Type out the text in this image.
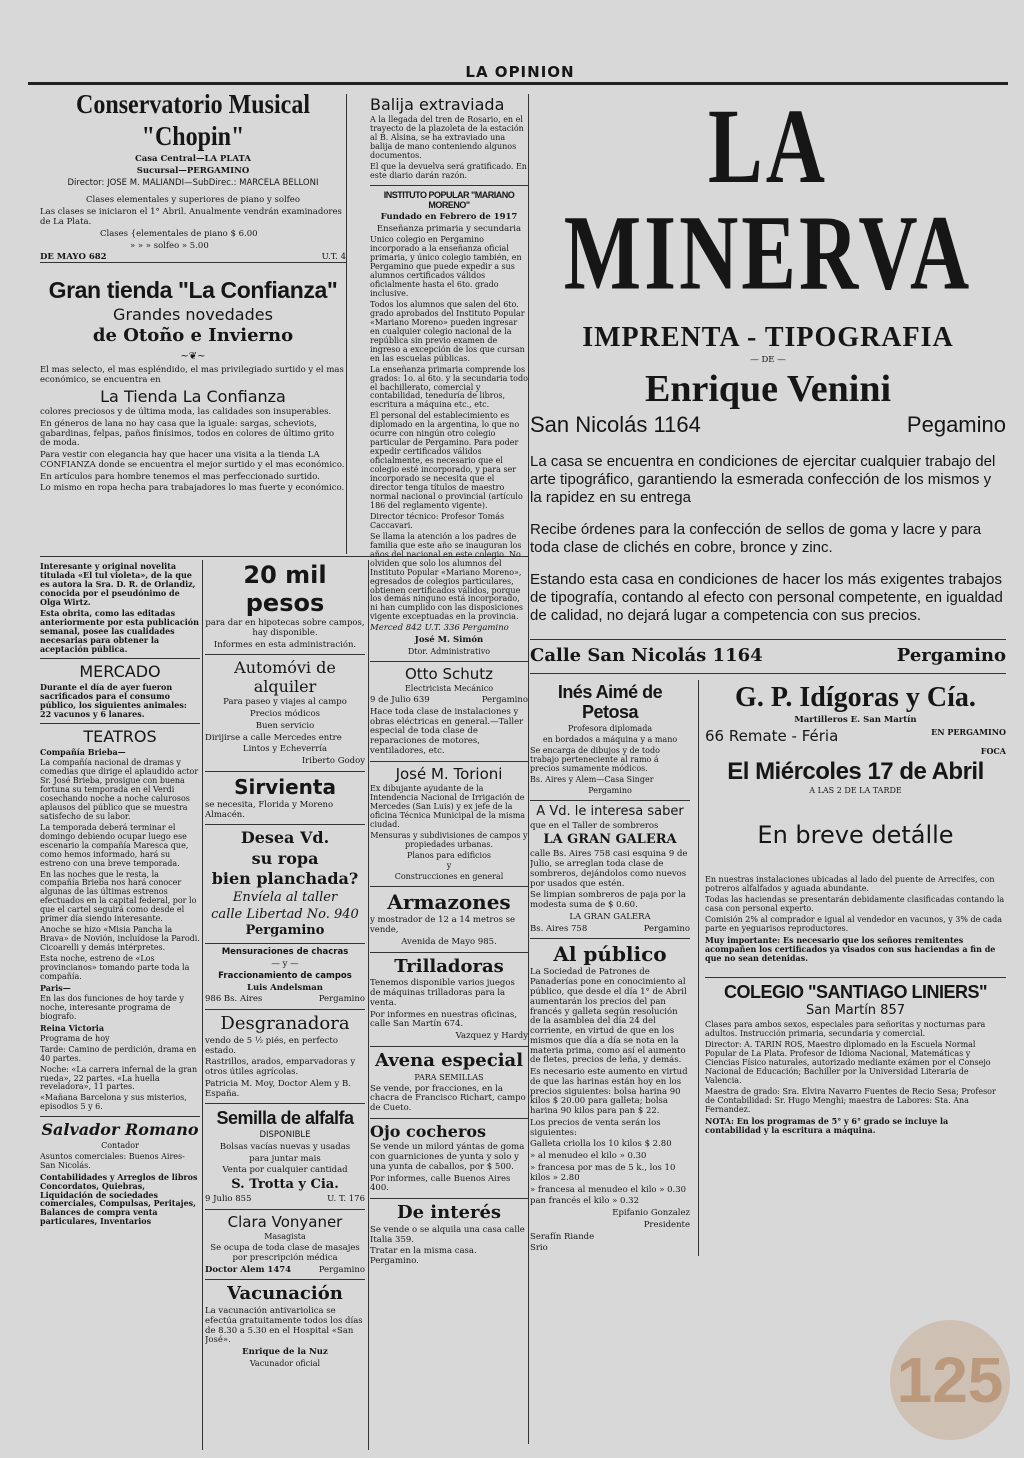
LA OPINION
Conservatorio Musical "Chopin"

Casa Central—LA PLATA

Sucursal—PERGAMINO

Director: JOSE M. MALIANDI—SubDirec.: MARCELA BELLONI

Clases elementales y superiores de piano y solfeo

Las clases se iniciaron el 1° Abril. Anualmente vendrán examinadores de La Plata.

Clases {elementales de piano $ 6.00

» » » solfeo » 5.00

DE MAYO 682	U.T. 4
Gran tienda "La Confianza"

Grandes novedades

de Otoño e Invierno

~❦~

El mas selecto, el mas espléndido, el mas privilegiado surtido y el mas económico, se encuentra en

La Tienda La Confianza

colores preciosos y de última moda, las calidades son insuperables.

En géneros de lana no hay casa que la iguale: sargas, scheviots, gabardinas, felpas, paños finísimos, todos en colores de último grito de moda.

Para vestir con elegancia hay que hacer una visita a la tienda LA CONFIANZA donde se encuentra el mejor surtido y el mas económico.

En artículos para hombre tenemos el mas perfeccionado surtido.

Lo mismo en ropa hecha para trabajadores lo mas fuerte y económico.

Interesante y original novelita titulada «El tul violeta», de la que es autora la Sra. D. R. de Orlandiz, conocida por el pseudónimo de Olga Wirtz.

Esta obrita, como las editadas anteriormente por esta publicación semanal, posee las cualidades necesarias para obtener la aceptación pública.

MERCADO

Durante el día de ayer fueron sacrificados para el consumo público, los siguientes animales: 22 vacunos y 6 lanares.

TEATROS

Compañía Brieba—

La compañía nacional de dramas y comedias que dirige el aplaudido actor Sr. José Brieba, prosigue con buena fortuna su temporada en el Verdi cosechando noche a noche calurosos aplausos del público que se muestra satisfecho de su labor.

La temporada deberá terminar el domingo debiendo ocupar luego ese escenario la compañía Maresca que, como hemos informado, hará su estreno con una breve temporada.

En las noches que le resta, la compañía Brieba nos hará conocer algunas de las últimas estrenos efectuados en la capital federal, por lo que el cartel seguirá como desde el primer día siendo interesante.

Anoche se hizo «Misia Pancha la Brava» de Novión, incluídose la Parodi. Cicoarelli y demás intérpretes.

Esta noche, estreno de «Los provincianos» tomando parte toda la compañía.

Paris—

En las dos funciones de hoy tarde y noche, interesante programa de biografo.

Reina Victoria

Programa de hoy

Tarde: Camino de perdición, drama en 40 partes.

Noche: «La carrera infernal de la gran rueda», 22 partes. «La huella reveladora», 11 partes.

«Mañana Barcelona y sus misterios, episodios 5 y 6.

Salvador Romano

Contador

Asuntos comerciales: Buenos Aires-San Nicolás.

Contabilidades y Arreglos de libros Concordatos, Quiebras, Liquidación de sociedades comerciales, Compulsas, Peritajes, Balances de compra venta particulares, Inventarios

20 mil pesos

para dar en hipotecas sobre campos, hay disponible.

Informes en esta administración.

Automóvi de alquiler

Para paseo y viajes al campo

Precios módicos

Buen servicio

Dirijirse a calle Mercedes entre

Lintos y Echeverría

Iriberto Godoy

Sirvienta

se necesita, Florida y Moreno Almacén.

Desea Vd.

su ropa

bien planchada?

Envíela al taller

calle Libertad No. 940

Pergamino

Mensuraciones de chacras

— y —

Fraccionamiento de campos

Luis Andelsman

986 Bs. Aires	Pergamino
Desgranadora

vendo de 5 ½ piés, en perfecto estado.

Rastrillos, arados, emparvadoras y otros útiles agrícolas.

Patricia M. Moy, Doctor Alem y B. España.

Semilla de alfalfa

DISPONIBLE

Bolsas vacías nuevas y usadas

para juntar mais

Venta por cualquier cantidad

S. Trotta y Cia.

9 Julio 855	U. T. 176
Clara Vonyaner

Masagista

Se ocupa de toda clase de masajes por prescripción médica

Doctor Alem 1474	Pergamino
Vacunación

La vacunación antivariolica se efectúa gratuitamente todos los días de 8.30 a 5.30 en el Hospital «San José».

Enrique de la Nuz

Vacunador oficial

Balija extraviada

A la llegada del tren de Rosario, en el trayecto de la plazoleta de la estación al B. Alsina, se ha extraviado una balija de mano conteniendo algunos documentos.

El que la devuelva será gratificado. En este diario darán razón.

INSTITUTO POPULAR "MARIANO MORENO"

Fundado en Febrero de 1917

Enseñanza primaria y secundaria

Unico colegio en Pergamino incorporado a la enseñanza oficial primaria, y único colegio también, en Pergamino que puede expedir a sus alumnos certificados válidos oficialmente hasta el 6to. grado inclusive.

Todos los alumnos que salen del 6to. grado aprobados del Instituto Popular «Mariano Moreno» pueden ingresar en cualquier colegio nacional de la república sin previo examen de ingreso a excepción de los que cursan en las escuelas públicas.

La enseñanza primaria comprende los grados: 1o. al 6to. y la secundaria todo el bachillerato, comercial y contabilidad, teneduría de libros, escritura a máquina etc., etc.

El personal del establecimiento es diplomado en la argentina, lo que no ocurre con ningún otro colegio particular de Pergamino. Para poder expedir certificados válidos oficialmente, es necesario que el colegio esté incorporado, y para ser incorporado se necesita que el director tenga títulos de maestro normal nacional o provincial (artículo 186 del reglamento vigente).

Director técnico: Profesor Tomás Caccavari.

Se llama la atención a los padres de familia que este año se inauguran los años del nacional en este colegio. No olviden que solo los alumnos del Instituto Popular «Mariano Moreno», egresados de colegios particulares, obtienen certificados válidos, porque los demás ninguno está incorporado, ni han cumplido con las disposiciones vigente exceptuadas en la provincia.

Merced 842 U.T. 336 Pergamino

José M. Simón

Dtor. Administrativo

Otto Schutz

Electricista Mecánico

9 de Julio 639	Pergamino

Hace toda clase de instalaciones y obras eléctricas en general.—Taller especial de toda clase de reparaciones de motores, ventiladores, etc.

José M. Torioni

Ex dibujante ayudante de la Intendencia Nacional de Irrigación de Mercedes (San Luis) y ex jefe de la oficina Técnica Municipal de la misma ciudad.

Mensuras y subdivisiones de campos y propiedades urbanas.

Planos para edificios

y

Construcciones en general

Armazones

y mostrador de 12 a 14 metros se vende,

Avenida de Mayo 985.

Trilladoras

Tenemos disponible varios juegos de máquinas trilladoras para la venta.

Por informes en nuestras oficinas, calle San Martín 674.

Vazquez y Hardy

Avena especial

PARA SEMILLAS

Se vende, por fracciones, en la chacra de Francisco Richart, campo de Cueto.

Ojo cocheros

Se vende un milord yántas de goma con guarniciones de yunta y solo y una yunta de caballos, por $ 500.

Por informes, calle Buenos Aires 400.

De interés

Se vende o se alquila una casa calle Italia 359.

Tratar en la misma casa. Pergamino.

LA MINERVA
IMPRENTA - TIPOGRAFIA

— DE —

Enrique Venini
San Nicolás 1164	Pegamino

La casa se encuentra en condiciones de ejercitar cualquier trabajo del arte tipográfico, garantiendo la esmerada confección de los mismos y la rapidez en su entrega

Recibe órdenes para la confección de sellos de goma y lacre y para toda clase de clichés en cobre, bronce y zinc.

Estando esta casa en condiciones de hacer los más exigentes trabajos de tipografía, contando al efecto con personal competente, en igualdad de calidad, no dejará lugar a competencia con sus precios.

Calle San Nicolás 1164	Pergamino

Inés Aimé de Petosa

Profesora diplomada

en bordados a máquina y a mano

Se encarga de dibujos y de todo trabajo perteneciente al ramo á precios sumamente módicos.

Bs. Aires y Alem—Casa Singer

Pergamino

A Vd. le interesa saber

que en el Taller de sombreros

LA GRAN GALERA

calle Bs. Aires 758 casi esquina 9 de Julio, se arreglan toda clase de sombreros, dejándolos como nuevos por usados que estén.

Se limpian sombreros de paja por la modesta suma de $ 0.60.

LA GRAN GALERA

Bs. Aires 758	Pergamino
Al público

La Sociedad de Patrones de Panaderías pone en conocimiento al público, que desde el día 1° de Abril aumentarán los precios del pan francés y galleta según resolución de la asamblea del día 24 del corriente, en virtud de que en los mismos que día a día se nota en la materia prima, como así el aumento de fletes, precios de leña, y demás.

Es necesario este aumento en virtud de que las harinas están hoy en los precios siguientes: bolsa harina 90 kilos $ 20.00 para galleta; bolsa harina 90 kilos para pan $ 22.

Los precios de venta serán los siguientes:

Galleta criolla los 10 kilos $ 2.80

» al menudeo el kilo » 0.30

» francesa por mas de 5 k., los 10 kilos » 2.80

» francesa al menudeo el kilo » 0.30

pan francés el kilo » 0.32

Epifanio Gonzalez

Presidente

Serafín Riande

Srio

G. P. Idígoras y Cía.

Martilleros E. San Martín

66 Remate - Féria	EN PERGAMINO

FOCA

El Miércoles 17 de Abril

A LAS 2 DE LA TARDE

En breve detálle

En nuestras instalaciones ubicadas al lado del puente de Arrecifes, con potreros alfalfados y aguada abundante.

Todas las haciendas se presentarán debidamente clasificadas contando la casa con personal experto.

Comisión 2% al comprador e igual al vendedor en vacunos, y 3% de cada parte en yeguarisos reproductores.

Muy importante: Es necesario que los señores remitentes acompañen los certificados ya visados con sus haciendas a fin de que no sean detenidas.

COLEGIO "SANTIAGO LINIERS"

San Martín 857

Clases para ambos sexos, especiales para señoritas y nocturnas para adultos. Instrucción primaria, secundaria y comercial.

Director: A. TARIN ROS, Maestro diplomado en la Escuela Normal Popular de La Plata. Profesor de Idioma Nacional, Matemáticas y Ciencias Físico naturales, autorizado mediante exámen por el Consejo Nacional de Educación; Bachiller por la Universidad Literaria de Valencia.

Maestra de grado: Sra. Elvira Navarro Fuentes de Recio Sesa; Profesor de Contabilidad: Sr. Hugo Menghi; maestra de Labores: Sta. Ana Fernandez.

NOTA: En los programas de 5° y 6° grado se incluye la contabilidad y la escritura a máquina.

125
